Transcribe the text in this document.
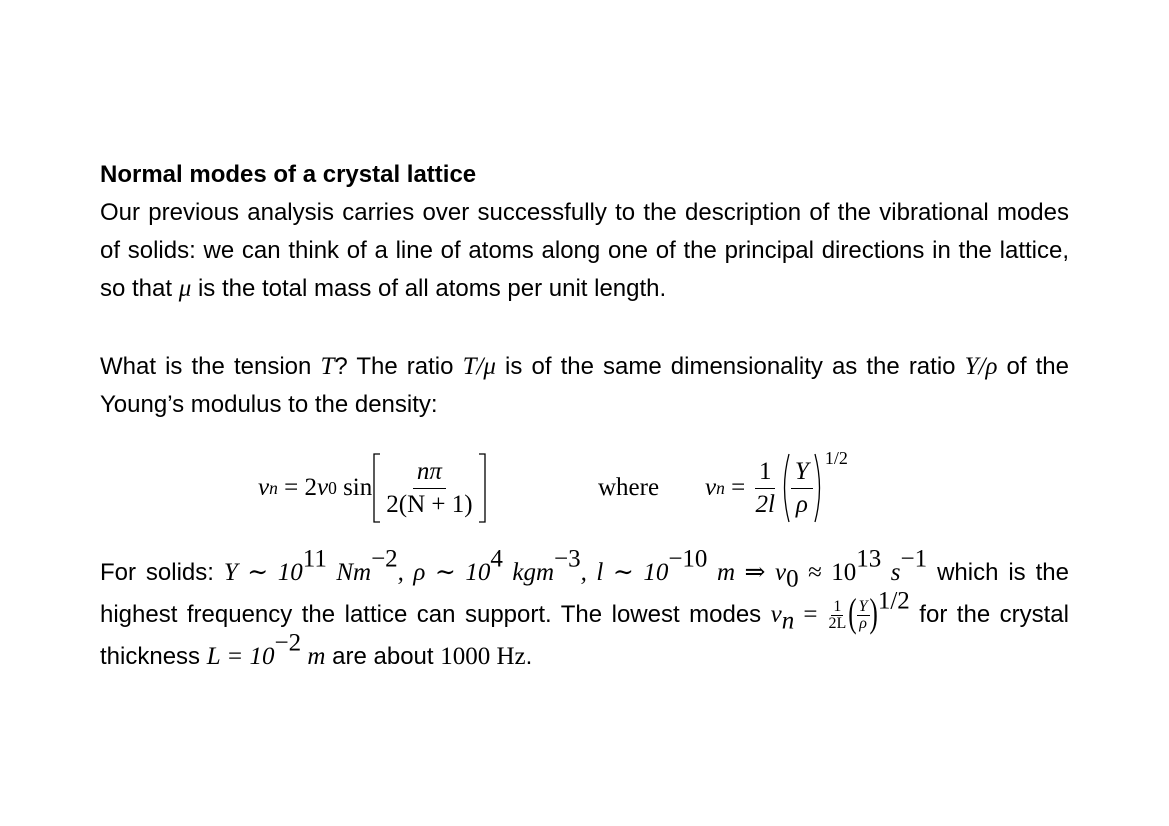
Normal modes of a crystal lattice

Our previous analysis carries over successfully to the description of the vibrational modes of solids: we can think of a line of atoms along one of the principal directions in the lattice, so that μ is the total mass of all atoms per unit length.

What is the tension T? The ratio T/μ is of the same dimensionality as the ratio Y/ρ of the Young’s modulus to the density:

ν n = 2 ν 0 $\sin \frac{n\pi}{2(N + 1)}$	where ν $n = \frac{1}{2l} \frac{Y}{\rho}$
1/2

For solids: Y ∼ $10^{11}$ $Nm^{-2}$, ρ ∼ $10^4$ kgm$^{-3}$, l ∼ $10^{-10}$ m ⇒ $\nu_0 \approx 10^{13}$ $s^{-1}$ which is the highest frequency the lattice can support. The lowest modes $\nu_n = \frac{1}{2L}$ ( $\frac{Y}{\rho} )^{1/2}$ for the crystal thickness $L = 10^{-2}$ m are about 1000 Hz.
